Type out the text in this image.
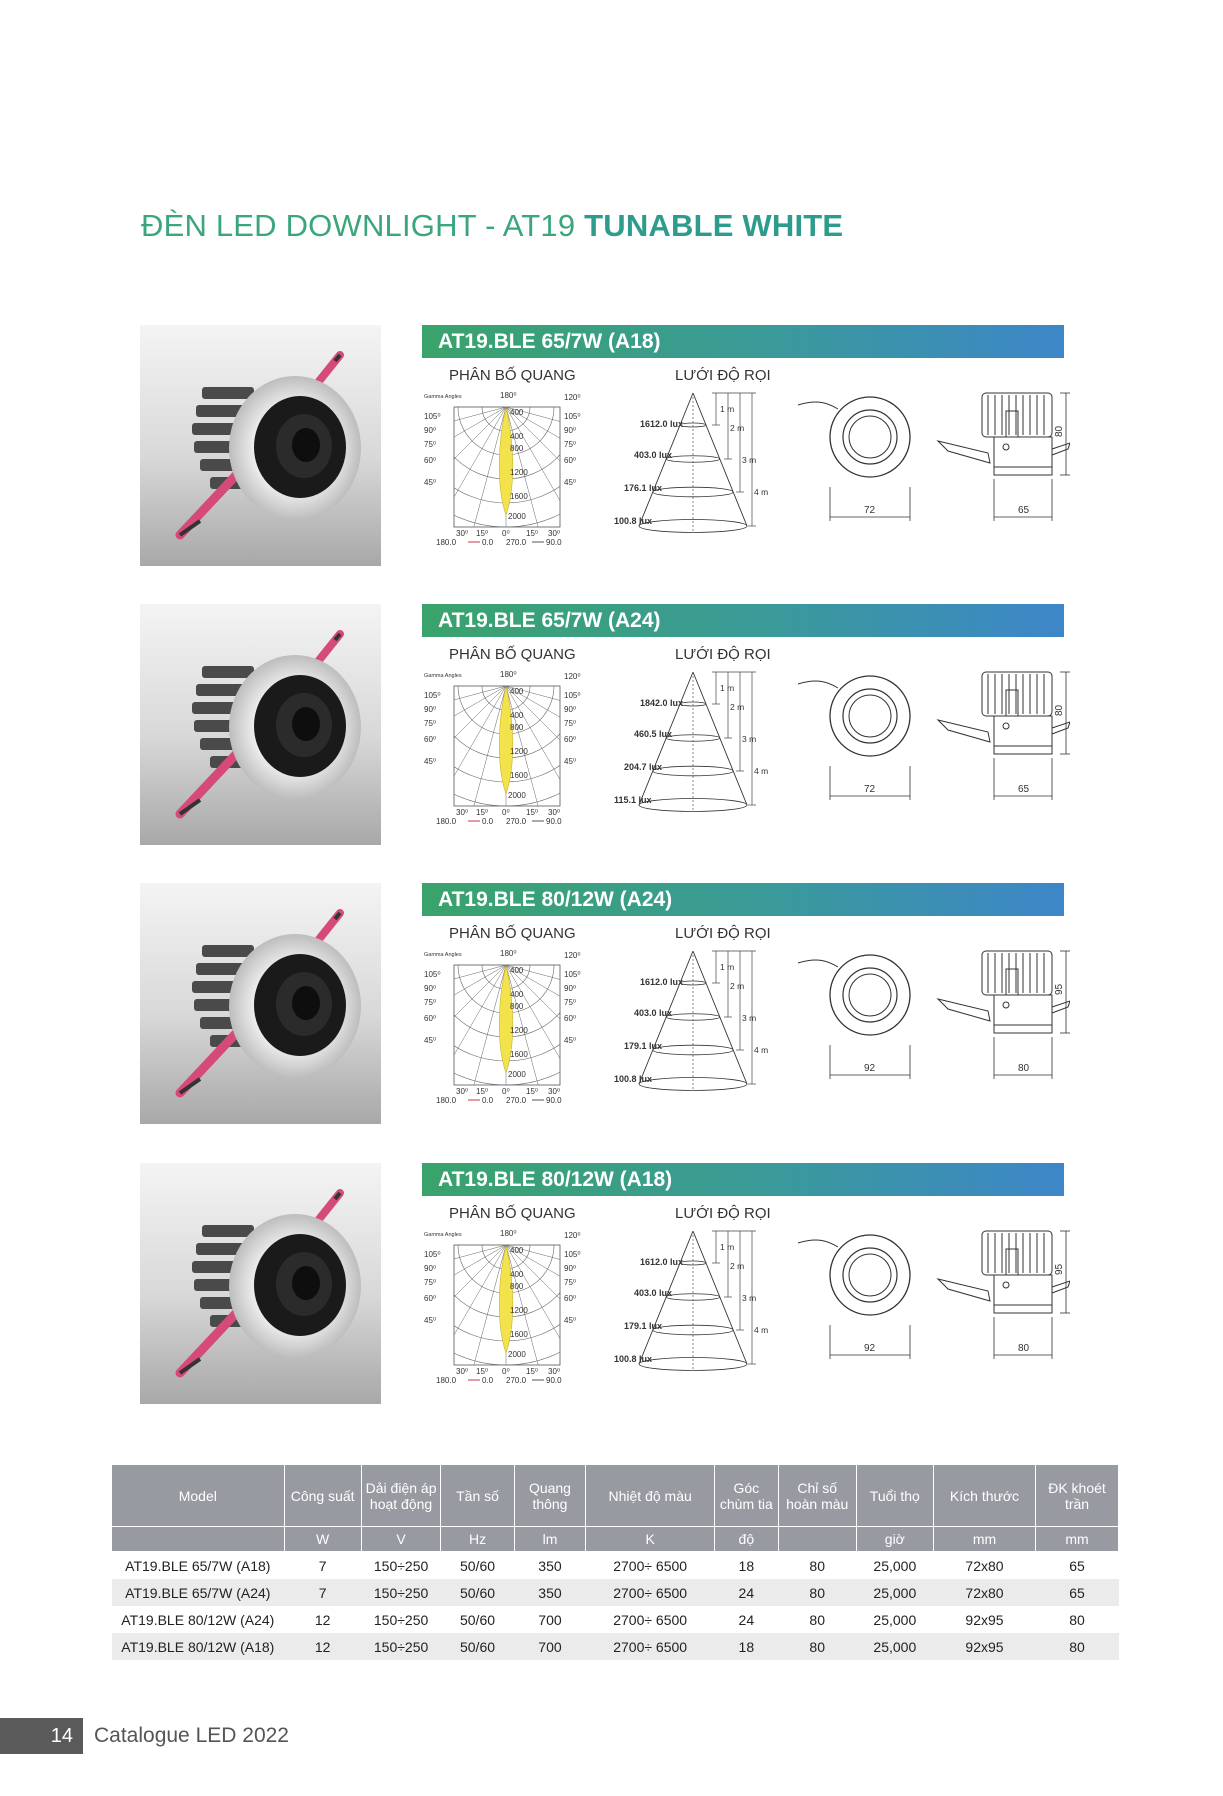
ĐÈN LED DOWNLIGHT - AT19 TUNABLE WHITE
AT19.BLE 65/7W (A18)
PHÂN BỐ QUANG	LƯỚI ĐỘ RỌI
Gamma Angles	180⁰	120⁰
105⁰	105⁰
90⁰	90⁰
75⁰	75⁰
60⁰	60⁰
45⁰	45⁰
400
400
800
1200
1600
2000
30⁰ 15⁰ 0⁰ 15⁰ 30⁰
180.0	0.0 270.0 90.0
1612.0 lux
403.0 lux
176.1 lux
100.8 lux
1 m
2 m
3 m
4 m
72	65
80
AT19.BLE 65/7W (A24)
PHÂN BỐ QUANG	LƯỚI ĐỘ RỌI
Gamma Angles	180⁰	120⁰
105⁰	105⁰
90⁰	90⁰
75⁰	75⁰
60⁰	60⁰
45⁰	45⁰
400
400
800
1200
1600
2000
30⁰ 15⁰ 0⁰ 15⁰ 30⁰
180.0	0.0 270.0 90.0
1842.0 lux
460.5 lux
204.7 lux
115.1 lux
1 m
2 m
3 m
4 m
72	65
80
AT19.BLE 80/12W (A24)
PHÂN BỐ QUANG	LƯỚI ĐỘ RỌI
Gamma Angles	180⁰	120⁰
105⁰	105⁰
90⁰	90⁰
75⁰	75⁰
60⁰	60⁰
45⁰	45⁰
400
400
800
1200
1600
2000
30⁰ 15⁰ 0⁰ 15⁰ 30⁰
180.0	0.0 270.0 90.0
1612.0 lux
403.0 lux
179.1 lux
100.8 lux
1 m
2 m
3 m
4 m
92	80
95
AT19.BLE 80/12W (A18)
PHÂN BỐ QUANG	LƯỚI ĐỘ RỌI
Gamma Angles	180⁰	120⁰
105⁰	105⁰
90⁰	90⁰
75⁰	75⁰
60⁰	60⁰
45⁰	45⁰
400
400
800
1200
1600
2000
30⁰ 15⁰ 0⁰ 15⁰ 30⁰
180.0	0.0 270.0 90.0
1612.0 lux
403.0 lux
179.1 lux
100.8 lux
1 m
2 m
3 m
4 m
92	80
95
Model	Công suất	Dải điện áp hoạt động	Tần số	Quang thông	Nhiệt độ màu	Góc chùm tia	Chỉ số hoàn màu	Tuổi thọ	Kích thước	ĐK khoét trần
	W	V	Hz	lm	K	độ		giờ	mm	mm
AT19.BLE 65/7W (A18)	7	150÷250	50/60	350	2700÷ 6500	18	80	25,000	72x80	65
AT19.BLE 65/7W (A24)	7	150÷250	50/60	350	2700÷ 6500	24	80	25,000	72x80	65
AT19.BLE 80/12W (A24)	12	150÷250	50/60	700	2700÷ 6500	24	80	25,000	92x95	80
AT19.BLE 80/12W (A18)	12	150÷250	50/60	700	2700÷ 6500	18	80	25,000	92x95	80
14	Catalogue LED 2022
